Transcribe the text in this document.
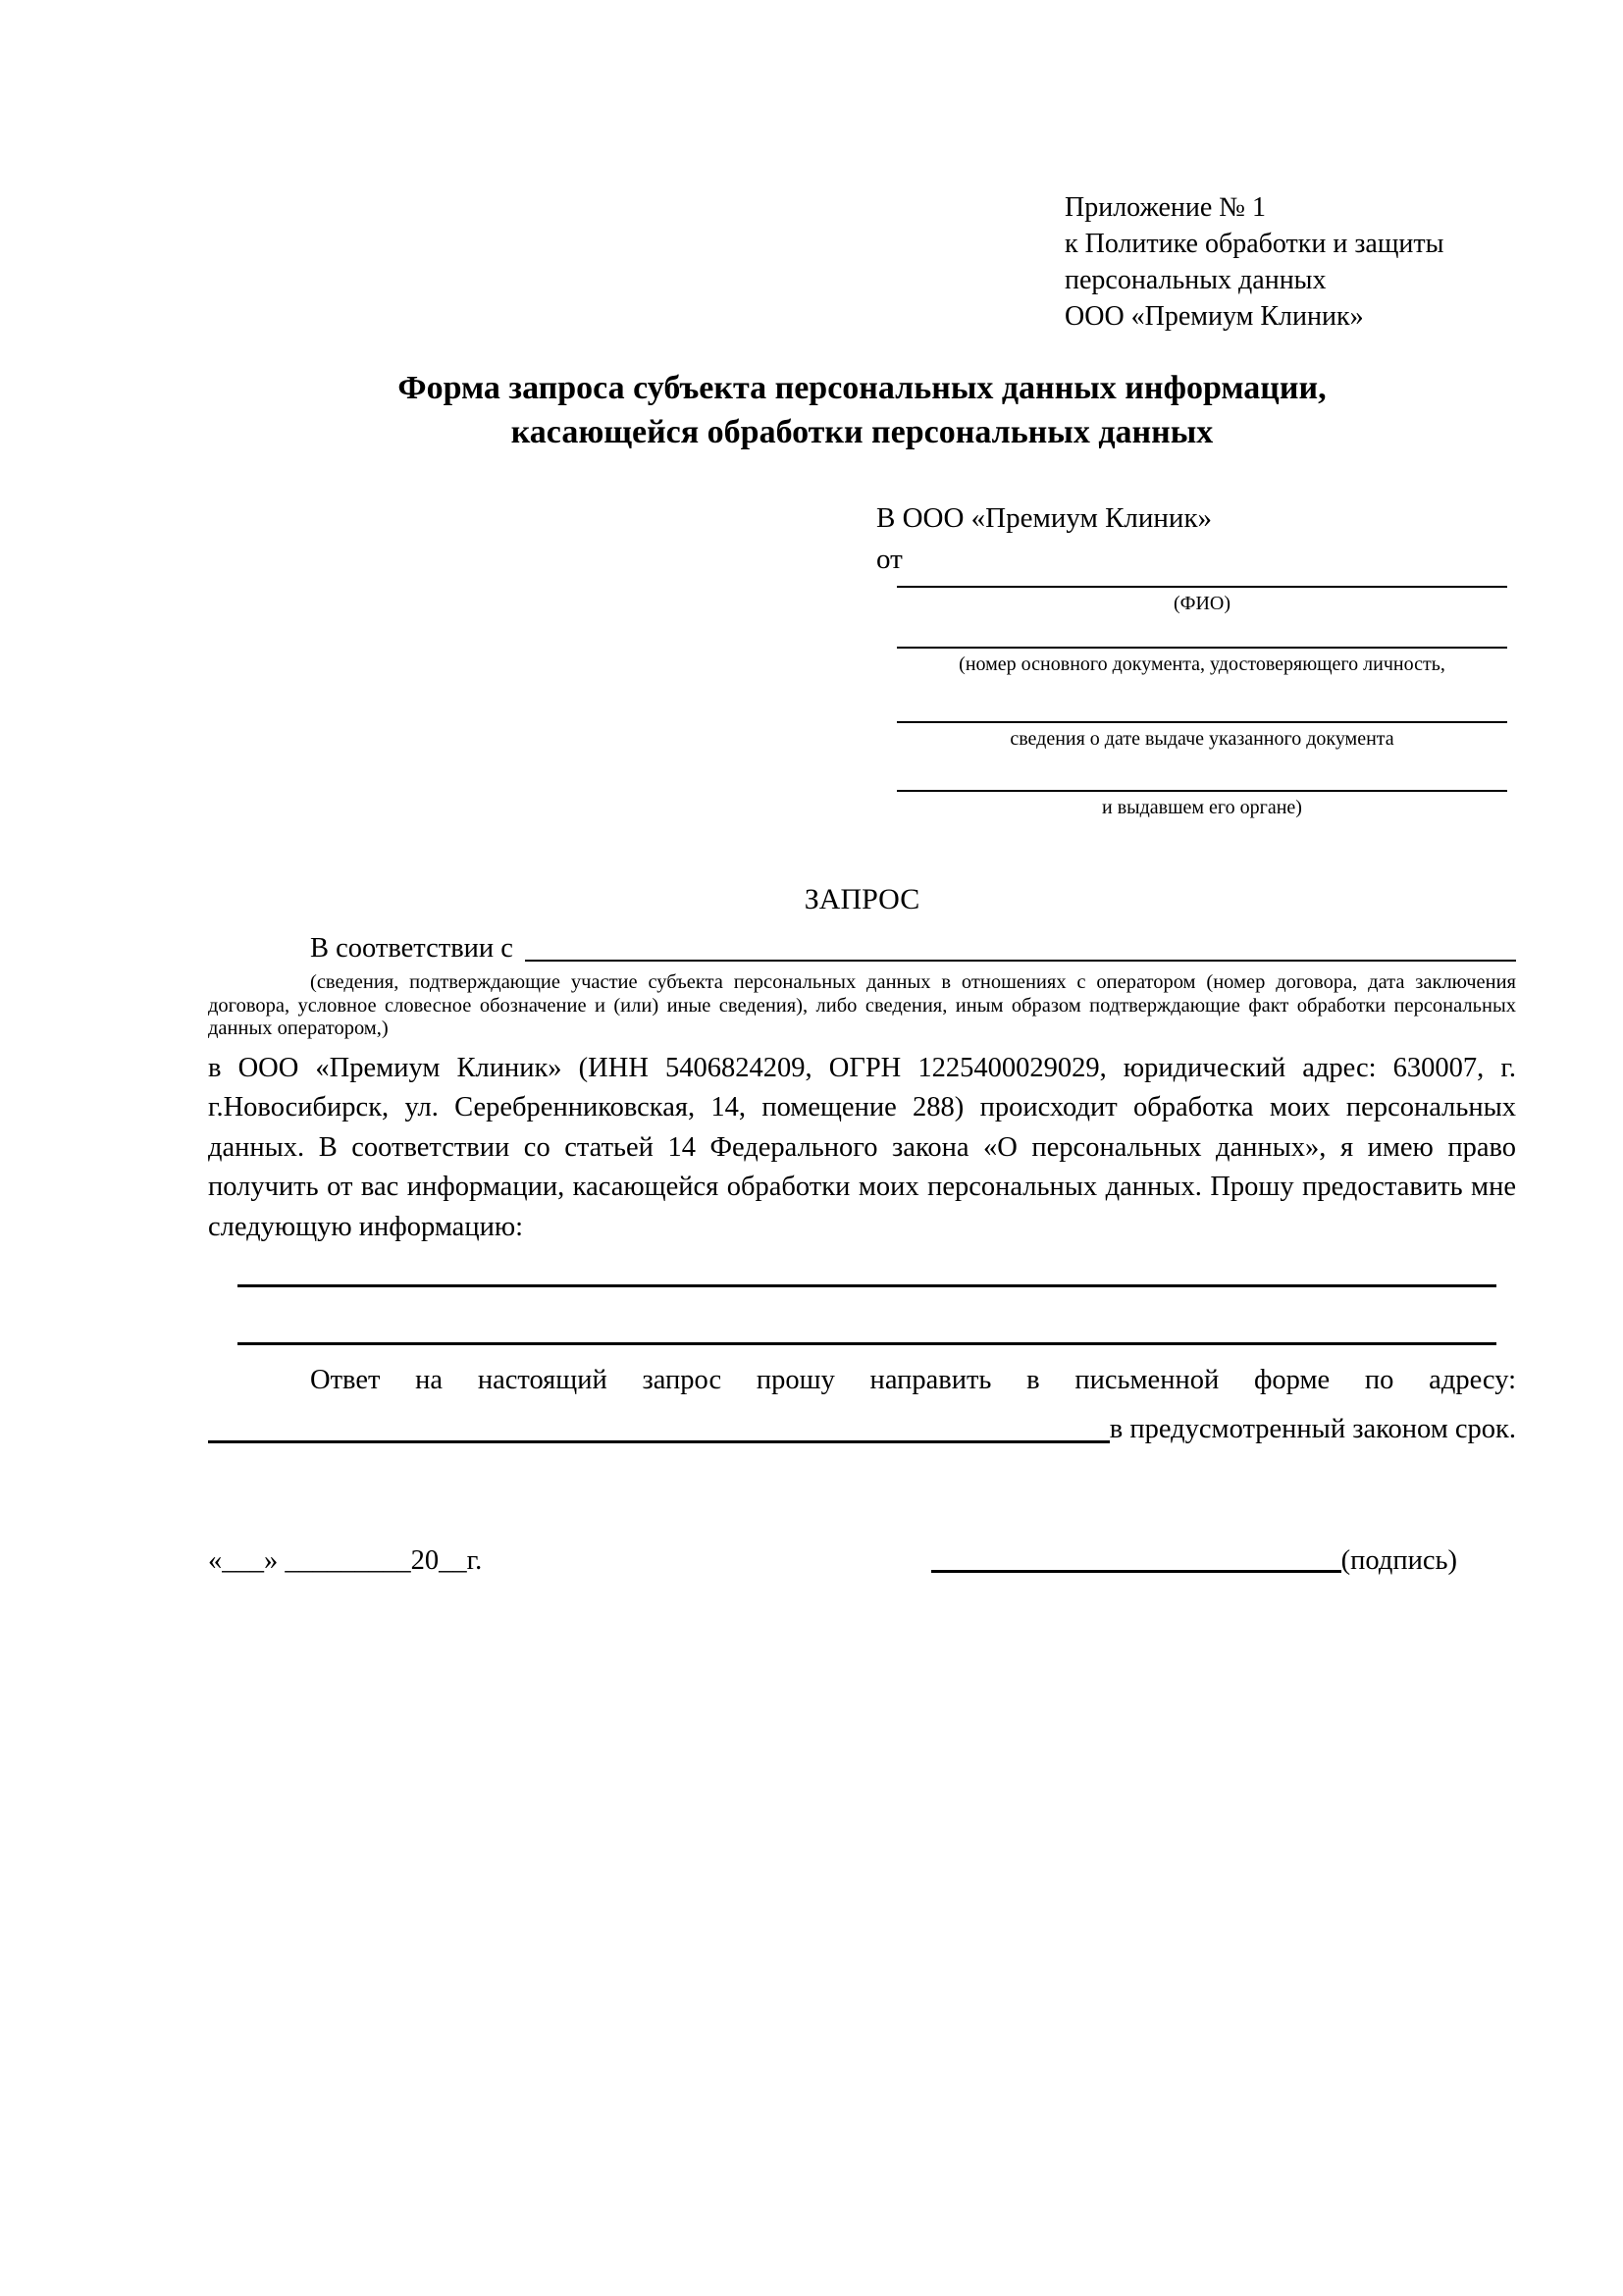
Приложение № 1
к Политике обработки и защиты
персональных данных
ООО «Премиум Клиник»
Форма запроса субъекта персональных данных информации,
касающейся обработки персональных данных
В ООО «Премиум Клиник»
от
(ФИО)
(номер основного документа, удостоверяющего личность,
сведения о дате выдаче указанного документа
и выдавшем его органе)
ЗАПРОС
В соответствии с
(сведения, подтверждающие участие субъекта персональных данных в отношениях с оператором (номер договора, дата заключения договора, условное словесное обозначение и (или) иные сведения), либо сведения, иным образом подтверждающие факт обработки персональных данных оператором,)

в ООО «Премиум Клиник» (ИНН 5406824209, ОГРН 1225400029029, юридический адрес: 630007, г. г.Новосибирск, ул. Серебренниковская, 14, помещение 288) происходит обработка моих персональных данных. В соответствии со статьей 14 Федерального закона «О персональных данных», я имею право получить от вас информации, касающейся обработки моих персональных данных. Прошу предоставить мне следующую информацию:

Ответ на настоящий запрос прошу направить в письменной форме по адресу:

в предусмотренный законом срок.
«___» _________20__г.	(подпись)
